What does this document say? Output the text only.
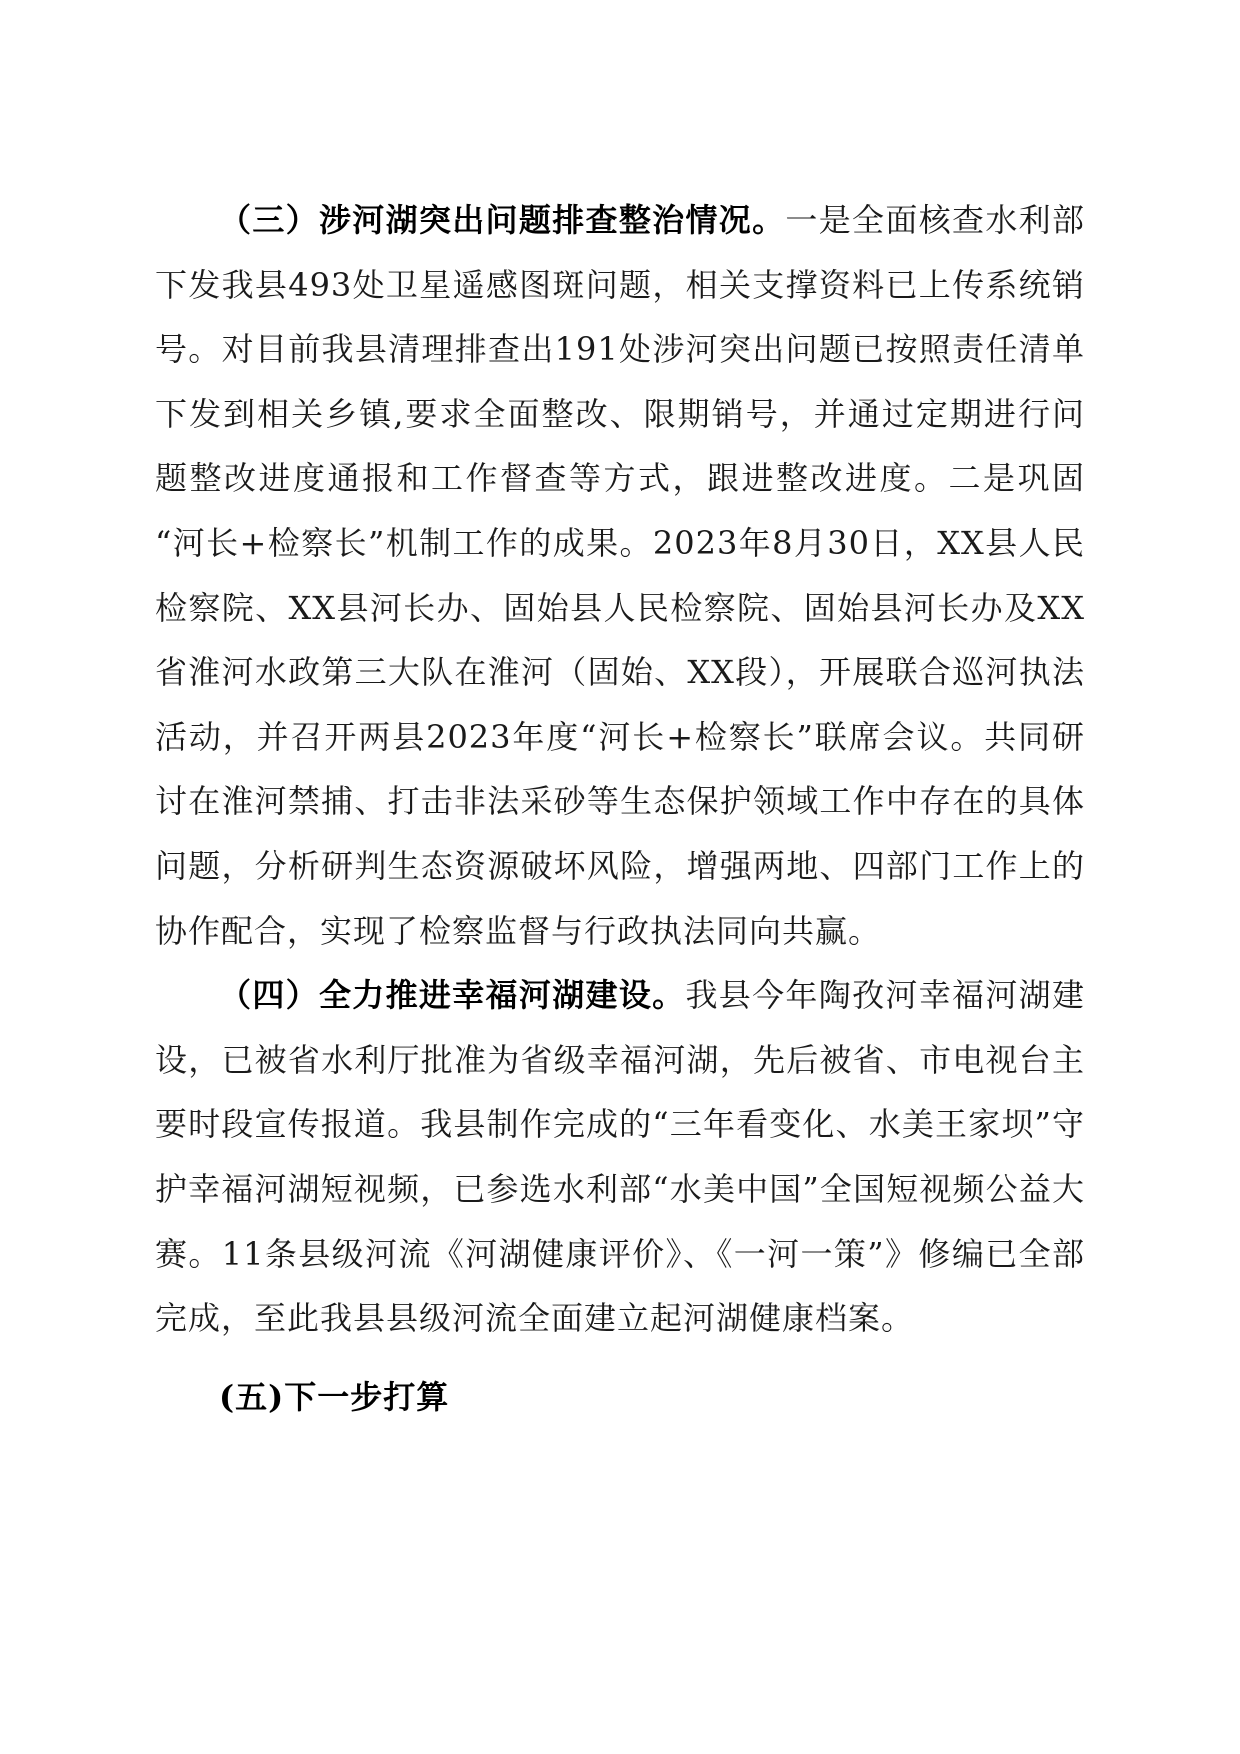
（三）涉河湖突出问题排查整治情况。一是全面核查水利部下发我县493处卫星遥感图斑问题，相关支撑资料已上传系统销号。对目前我县清理排查出191处涉河突出问题已按照责任清单下发到相关乡镇,要求全面整改、限期销号，并通过定期进行问题整改进度通报和工作督查等方式，跟进整改进度。二是巩固 “河长+检察长”机制工作的成果。2023年8月30日，XX县人民检察院、XX县河长办、固始县人民检察院、固始县河长办及XX省淮河水政第三大队在淮河（固始、XX段），开展联合巡河执法活动，并召开两县2023年度“河长+检察长”联席会议。共同研讨在淮河禁捕、打击非法采砂等生态保护领域工作中存在的具体问题，分析研判生态资源破坏风险，增强两地、四部门工作上的协作配合，实现了检察监督与行政执法同向共赢。

（四）全力推进幸福河湖建设。我县今年陶孜河幸福河湖建设，已被省水利厅批准为省级幸福河湖，先后被省、市电视台主要时段宣传报道。我县制作完成的“三年看变化、水美王家坝”守护幸福河湖短视频，已参选水利部“水美中国”全国短视频公益大赛。11条县级河流《河湖健康评价》、《一河一策”》修编已全部完成，至此我县县级河流全面建立起河湖健康档案。

(五)下一步打算
